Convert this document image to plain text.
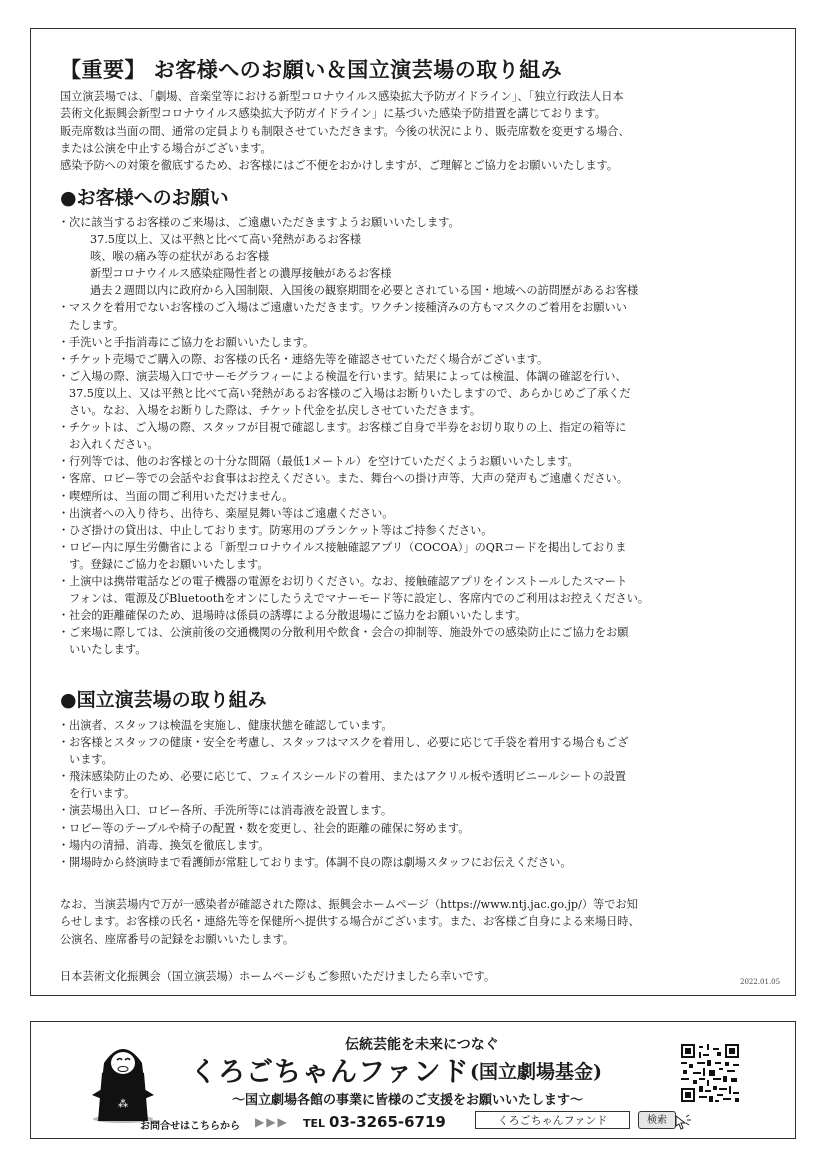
【重要】 お客様へのお願い＆国立演芸場の取り組み
国立演芸場では、「劇場、音楽堂等における新型コロナウイルス感染拡大予防ガイドライン」、「独立行政法人日本
芸術文化振興会新型コロナウイルス感染拡大予防ガイドライン」に基づいた感染予防措置を講じております。
販売席数は当面の間、通常の定員よりも制限させていただきます。今後の状況により、販売席数を変更する場合、
または公演を中止する場合がございます。
感染予防への対策を徹底するため、お客様にはご不便をおかけしますが、ご理解とご協力をお願いいたします。
●お客様へのお願い
・ 次に該当するお客様のご来場は、ご遠慮いただきますようお願いいたします。
37.5度以上、又は平熱と比べて高い発熱があるお客様
咳、喉の痛み等の症状があるお客様
新型コロナウイルス感染症陽性者との濃厚接触があるお客様
過去２週間以内に政府から入国制限、入国後の観察期間を必要とされている国・地域への訪問歴があるお客様
・ マスクを着用でないお客様のご入場はご遠慮いただきます。ワクチン接種済みの方もマスクのご着用をお願いい
たします。
・ 手洗いと手指消毒にご協力をお願いいたします。
・ チケット売場でご購入の際、お客様の氏名・連絡先等を確認させていただく場合がございます。
・ ご入場の際、演芸場入口でサーモグラフィーによる検温を行います。結果によっては検温、体調の確認を行い、
37.5度以上、又は平熱と比べて高い発熱があるお客様のご入場はお断りいたしますので、あらかじめご了承くだ
さい。なお、入場をお断りした際は、チケット代金を払戻しさせていただきます。
・ チケットは、ご入場の際、スタッフが目視で確認します。お客様ご自身で半券をお切り取りの上、指定の箱等に
お入れください。
・ 行列等では、他のお客様との十分な間隔（最低1メートル）を空けていただくようお願いいたします。
・ 客席、ロビー等での会話やお食事はお控えください。また、舞台への掛け声等、大声の発声もご遠慮ください。
・ 喫煙所は、当面の間ご利用いただけません。
・ 出演者への入り待ち、出待ち、楽屋見舞い等はご遠慮ください。
・ ひざ掛けの貸出は、中止しております。防寒用のブランケット等はご持参ください。
・ ロビー内に厚生労働省による「新型コロナウイルス接触確認アプリ（COCOA）」のQRコードを掲出しておりま
す。登録にご協力をお願いいたします。
・ 上演中は携帯電話などの電子機器の電源をお切りください。なお、接触確認アプリをインストールしたスマート
フォンは、電源及びBluetoothをオンにしたうえでマナーモード等に設定し、客席内でのご利用はお控えください。
・ 社会的距離確保のため、退場時は係員の誘導による分散退場にご協力をお願いいたします。
・ ご来場に際しては、公演前後の交通機関の分散利用や飲食・会合の抑制等、施設外での感染防止にご協力をお願
いいたします。
●国立演芸場の取り組み
・ 出演者、スタッフは検温を実施し、健康状態を確認しています。
・ お客様とスタッフの健康・安全を考慮し、スタッフはマスクを着用し、必要に応じて手袋を着用する場合もござ
います。
・ 飛沫感染防止のため、必要に応じて、フェイスシールドの着用、またはアクリル板や透明ビニールシートの設置
を行います。
・ 演芸場出入口、ロビー各所、手洗所等には消毒液を設置します。
・ ロビー等のテーブルや椅子の配置・数を変更し、社会的距離の確保に努めます。
・ 場内の清掃、消毒、換気を徹底します。
・ 開場時から終演時まで看護師が常駐しております。体調不良の際は劇場スタッフにお伝えください。
なお、当演芸場内で万が一感染者が確認された際は、振興会ホームページ（https://www.ntj.jac.go.jp/）等でお知
らせします。お客様の氏名・連絡先等を保健所へ提供する場合がございます。また、お客様ご自身による来場日時、
公演名、座席番号の記録をお願いいたします。
日本芸術文化振興会（国立演芸場）ホームページもご参照いただけましたら幸いです。	2022.01.05
⁂
伝統芸能を未来につなぐ
くろごちゃんファンド (国立劇場基金)
〜国立劇場各館の事業に皆様のご支援をお願いいたします〜
お問合せはこちらから ▶▶▶ TEL 03-3265-6719	くろごちゃんファンド	検索
